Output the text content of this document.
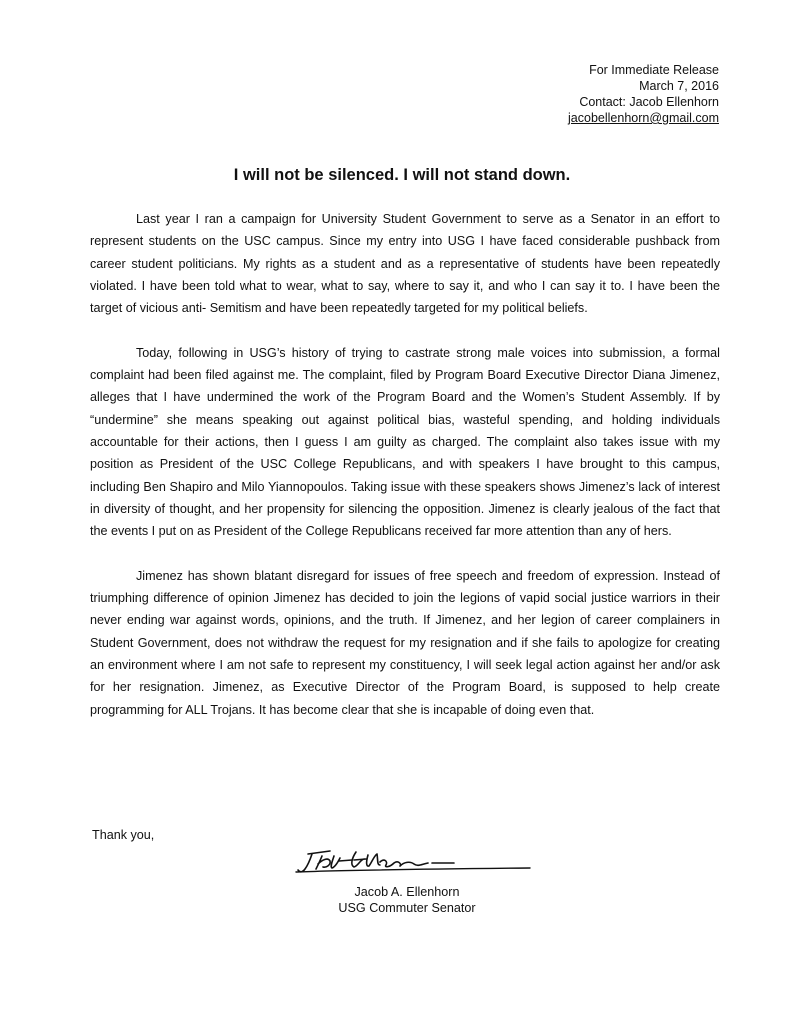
For Immediate Release
March 7, 2016
Contact: Jacob Ellenhorn
jacobellenhorn@gmail.com
I will not be silenced. I will not stand down.

Last year I ran a campaign for University Student Government to serve as a Senator in an effort to represent students on the USC campus. Since my entry into USG I have faced considerable pushback from career student politicians. My rights as a student and as a representative of students have been repeatedly violated. I have been told what to wear, what to say, where to say it, and who I can say it to. I have been the target of vicious anti- Semitism and have been repeatedly targeted for my political beliefs.

Today, following in USG’s history of trying to castrate strong male voices into submission, a formal complaint had been filed against me. The complaint, filed by Program Board Executive Director Diana Jimenez, alleges that I have undermined the work of the Program Board and the Women’s Student Assembly. If by “undermine” she means speaking out against political bias, wasteful spending, and holding individuals accountable for their actions, then I guess I am guilty as charged. The complaint also takes issue with my position as President of the USC College Republicans, and with speakers I have brought to this campus, including Ben Shapiro and Milo Yiannopoulos. Taking issue with these speakers shows Jimenez’s lack of interest in diversity of thought, and her propensity for silencing the opposition. Jimenez is clearly jealous of the fact that the events I put on as President of the College Republicans received far more attention than any of hers.

Jimenez has shown blatant disregard for issues of free speech and freedom of expression. Instead of triumphing difference of opinion Jimenez has decided to join the legions of vapid social justice warriors in their never ending war against words, opinions, and the truth. If Jimenez, and her legion of career complainers in Student Government, does not withdraw the request for my resignation and if she fails to apologize for creating an environment where I am not safe to represent my constituency, I will seek legal action against her and/or ask for her resignation. Jimenez, as Executive Director of the Program Board, is supposed to help create programming for ALL Trojans. It has become clear that she is incapable of doing even that.

Thank you,
Jacob A. Ellenhorn
USG Commuter Senator
